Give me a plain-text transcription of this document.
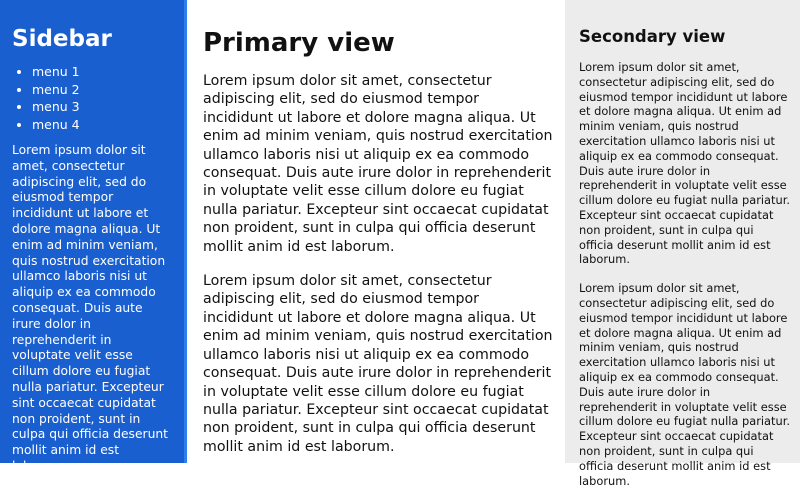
Sidebar
• menu 1
• menu 2
• menu 3
• menu 4

Lorem ipsum dolor sit amet, consectetur adipiscing elit, sed do eiusmod tempor incididunt ut labore et dolore magna aliqua. Ut enim ad minim veniam, quis nostrud exercitation ullamco laboris nisi ut aliquip ex ea commodo consequat. Duis aute irure dolor in reprehenderit in voluptate velit esse cillum dolore eu fugiat nulla pariatur. Excepteur sint occaecat cupidatat non proident, sunt in culpa qui officia deserunt mollit anim id est laborum.

Primary view

Lorem ipsum dolor sit amet, consectetur adipiscing elit, sed do eiusmod tempor incididunt ut labore et dolore magna aliqua. Ut enim ad minim veniam, quis nostrud exercitation ullamco laboris nisi ut aliquip ex ea commodo consequat. Duis aute irure dolor in reprehenderit in voluptate velit esse cillum dolore eu fugiat nulla pariatur. Excepteur sint occaecat cupidatat non proident, sunt in culpa qui officia deserunt mollit anim id est laborum.

Lorem ipsum dolor sit amet, consectetur adipiscing elit, sed do eiusmod tempor incididunt ut labore et dolore magna aliqua. Ut enim ad minim veniam, quis nostrud exercitation ullamco laboris nisi ut aliquip ex ea commodo consequat. Duis aute irure dolor in reprehenderit in voluptate velit esse cillum dolore eu fugiat nulla pariatur. Excepteur sint occaecat cupidatat non proident, sunt in culpa qui officia deserunt mollit anim id est laborum.

Secondary view

Lorem ipsum dolor sit amet, consectetur adipiscing elit, sed do eiusmod tempor incididunt ut labore et dolore magna aliqua. Ut enim ad minim veniam, quis nostrud exercitation ullamco laboris nisi ut aliquip ex ea commodo consequat. Duis aute irure dolor in reprehenderit in voluptate velit esse cillum dolore eu fugiat nulla pariatur. Excepteur sint occaecat cupidatat non proident, sunt in culpa qui officia deserunt mollit anim id est laborum.

Lorem ipsum dolor sit amet, consectetur adipiscing elit, sed do eiusmod tempor incididunt ut labore et dolore magna aliqua. Ut enim ad minim veniam, quis nostrud exercitation ullamco laboris nisi ut aliquip ex ea commodo consequat. Duis aute irure dolor in reprehenderit in voluptate velit esse cillum dolore eu fugiat nulla pariatur. Excepteur sint occaecat cupidatat non proident, sunt in culpa qui officia deserunt mollit anim id est laborum.
